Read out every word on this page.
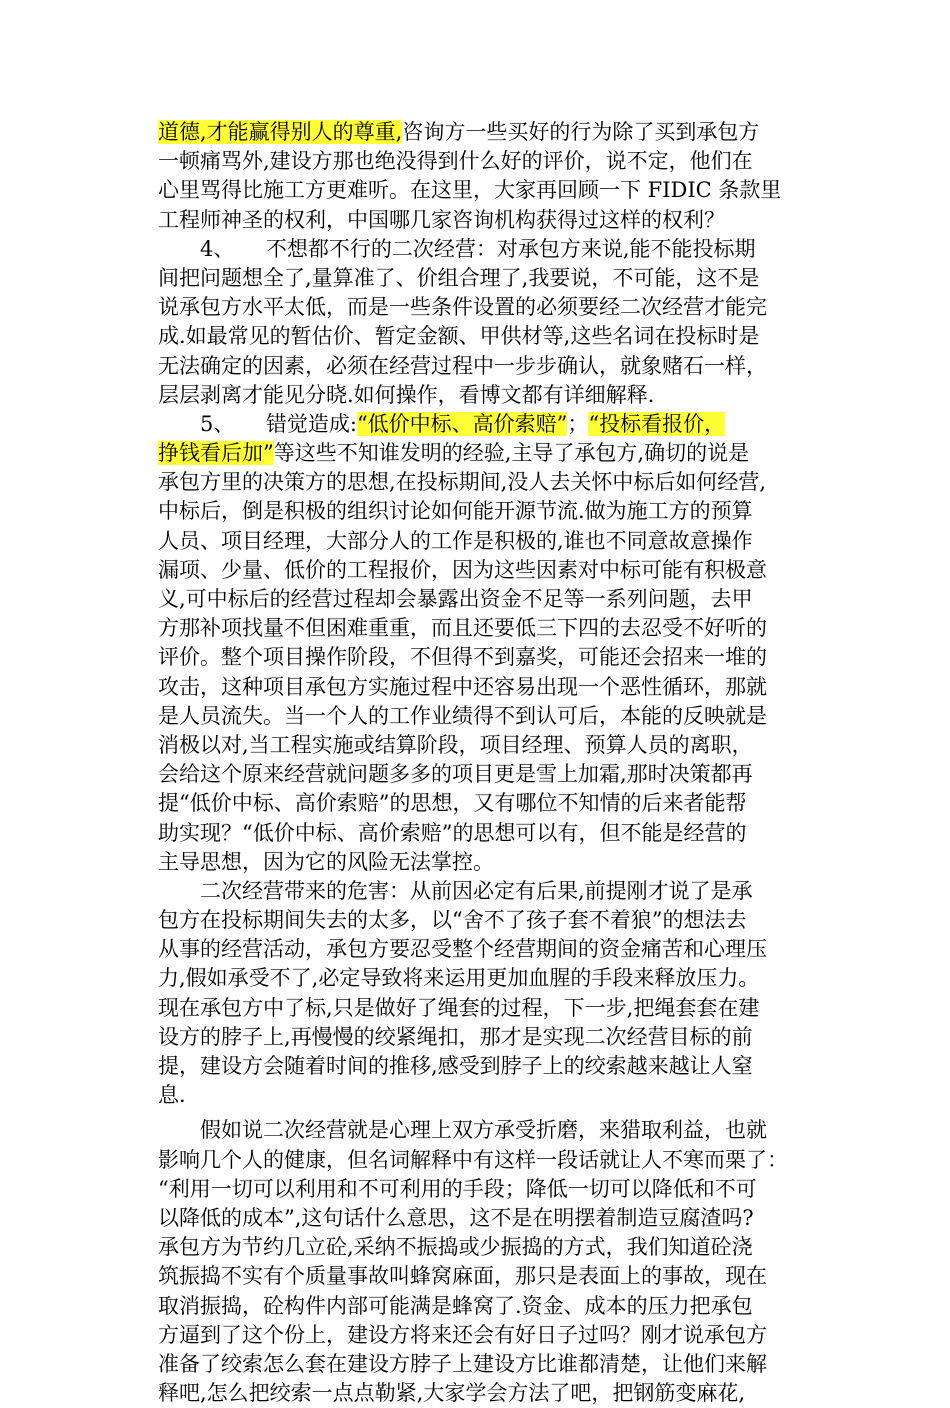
道德,才能赢得别人的尊重,咨询方一些买好的行为除了买到承包方
一顿痛骂外,建设方那也绝没得到什么好的评价，说不定，他们在
心里骂得比施工方更难听。在这里，大家再回顾一下 FIDIC 条款里
工程师神圣的权利，中国哪几家咨询机构获得过这样的权利？
　　4、　　不想都不行的二次经营：对承包方来说,能不能投标期
间把问题想全了,量算准了、价组合理了,我要说，不可能，这不是
说承包方水平太低，而是一些条件设置的必须要经二次经营才能完
成.如最常见的暂估价、暂定金额、甲供材等,这些名词在投标时是
无法确定的因素，必须在经营过程中一步步确认，就象赌石一样，
层层剥离才能见分晓.如何操作，看博文都有详细解释.
　　5、　　错觉造成:“低价中标、高价索赔”；“投标看报价，
挣钱看后加”等这些不知谁发明的经验,主导了承包方,确切的说是
承包方里的决策方的思想,在投标期间,没人去关怀中标后如何经营,
中标后，倒是积极的组织讨论如何能开源节流.做为施工方的预算
人员、项目经理，大部分人的工作是积极的,谁也不同意故意操作
漏项、少量、低价的工程报价，因为这些因素对中标可能有积极意
义,可中标后的经营过程却会暴露出资金不足等一系列问题，去甲
方那补项找量不但困难重重，而且还要低三下四的去忍受不好听的
评价。整个项目操作阶段，不但得不到嘉奖，可能还会招来一堆的
攻击，这种项目承包方实施过程中还容易出现一个恶性循环，那就
是人员流失。当一个人的工作业绩得不到认可后，本能的反映就是
消极以对,当工程实施或结算阶段，项目经理、预算人员的离职，
会给这个原来经营就问题多多的项目更是雪上加霜,那时决策都再
提“低价中标、高价索赔”的思想，又有哪位不知情的后来者能帮
助实现？“低价中标、高价索赔”的思想可以有，但不能是经营的
主导思想，因为它的风险无法掌控。
　　二次经营带来的危害：从前因必定有后果,前提刚才说了是承
包方在投标期间失去的太多，以“舍不了孩子套不着狼”的想法去
从事的经营活动，承包方要忍受整个经营期间的资金痛苦和心理压
力,假如承受不了,必定导致将来运用更加血腥的手段来释放压力。
现在承包方中了标,只是做好了绳套的过程，下一步,把绳套套在建
设方的脖子上,再慢慢的绞紧绳扣，那才是实现二次经营目标的前
提，建设方会随着时间的推移,感受到脖子上的绞索越来越让人窒
息.
　　假如说二次经营就是心理上双方承受折磨，来猎取利益，也就
影响几个人的健康，但名词解释中有这样一段话就让人不寒而栗了：
“利用一切可以利用和不可利用的手段；降低一切可以降低和不可
以降低的成本”,这句话什么意思，这不是在明摆着制造豆腐渣吗?
承包方为节约几立砼,采纳不振捣或少振捣的方式，我们知道砼浇
筑振捣不实有个质量事故叫蜂窝麻面，那只是表面上的事故，现在
取消振捣，砼构件内部可能满是蜂窝了.资金、成本的压力把承包
方逼到了这个份上，建设方将来还会有好日子过吗？刚才说承包方
准备了绞索怎么套在建设方脖子上建设方比谁都清楚，让他们来解
释吧,怎么把绞索一点点勒紧,大家学会方法了吧，把钢筋变麻花,
